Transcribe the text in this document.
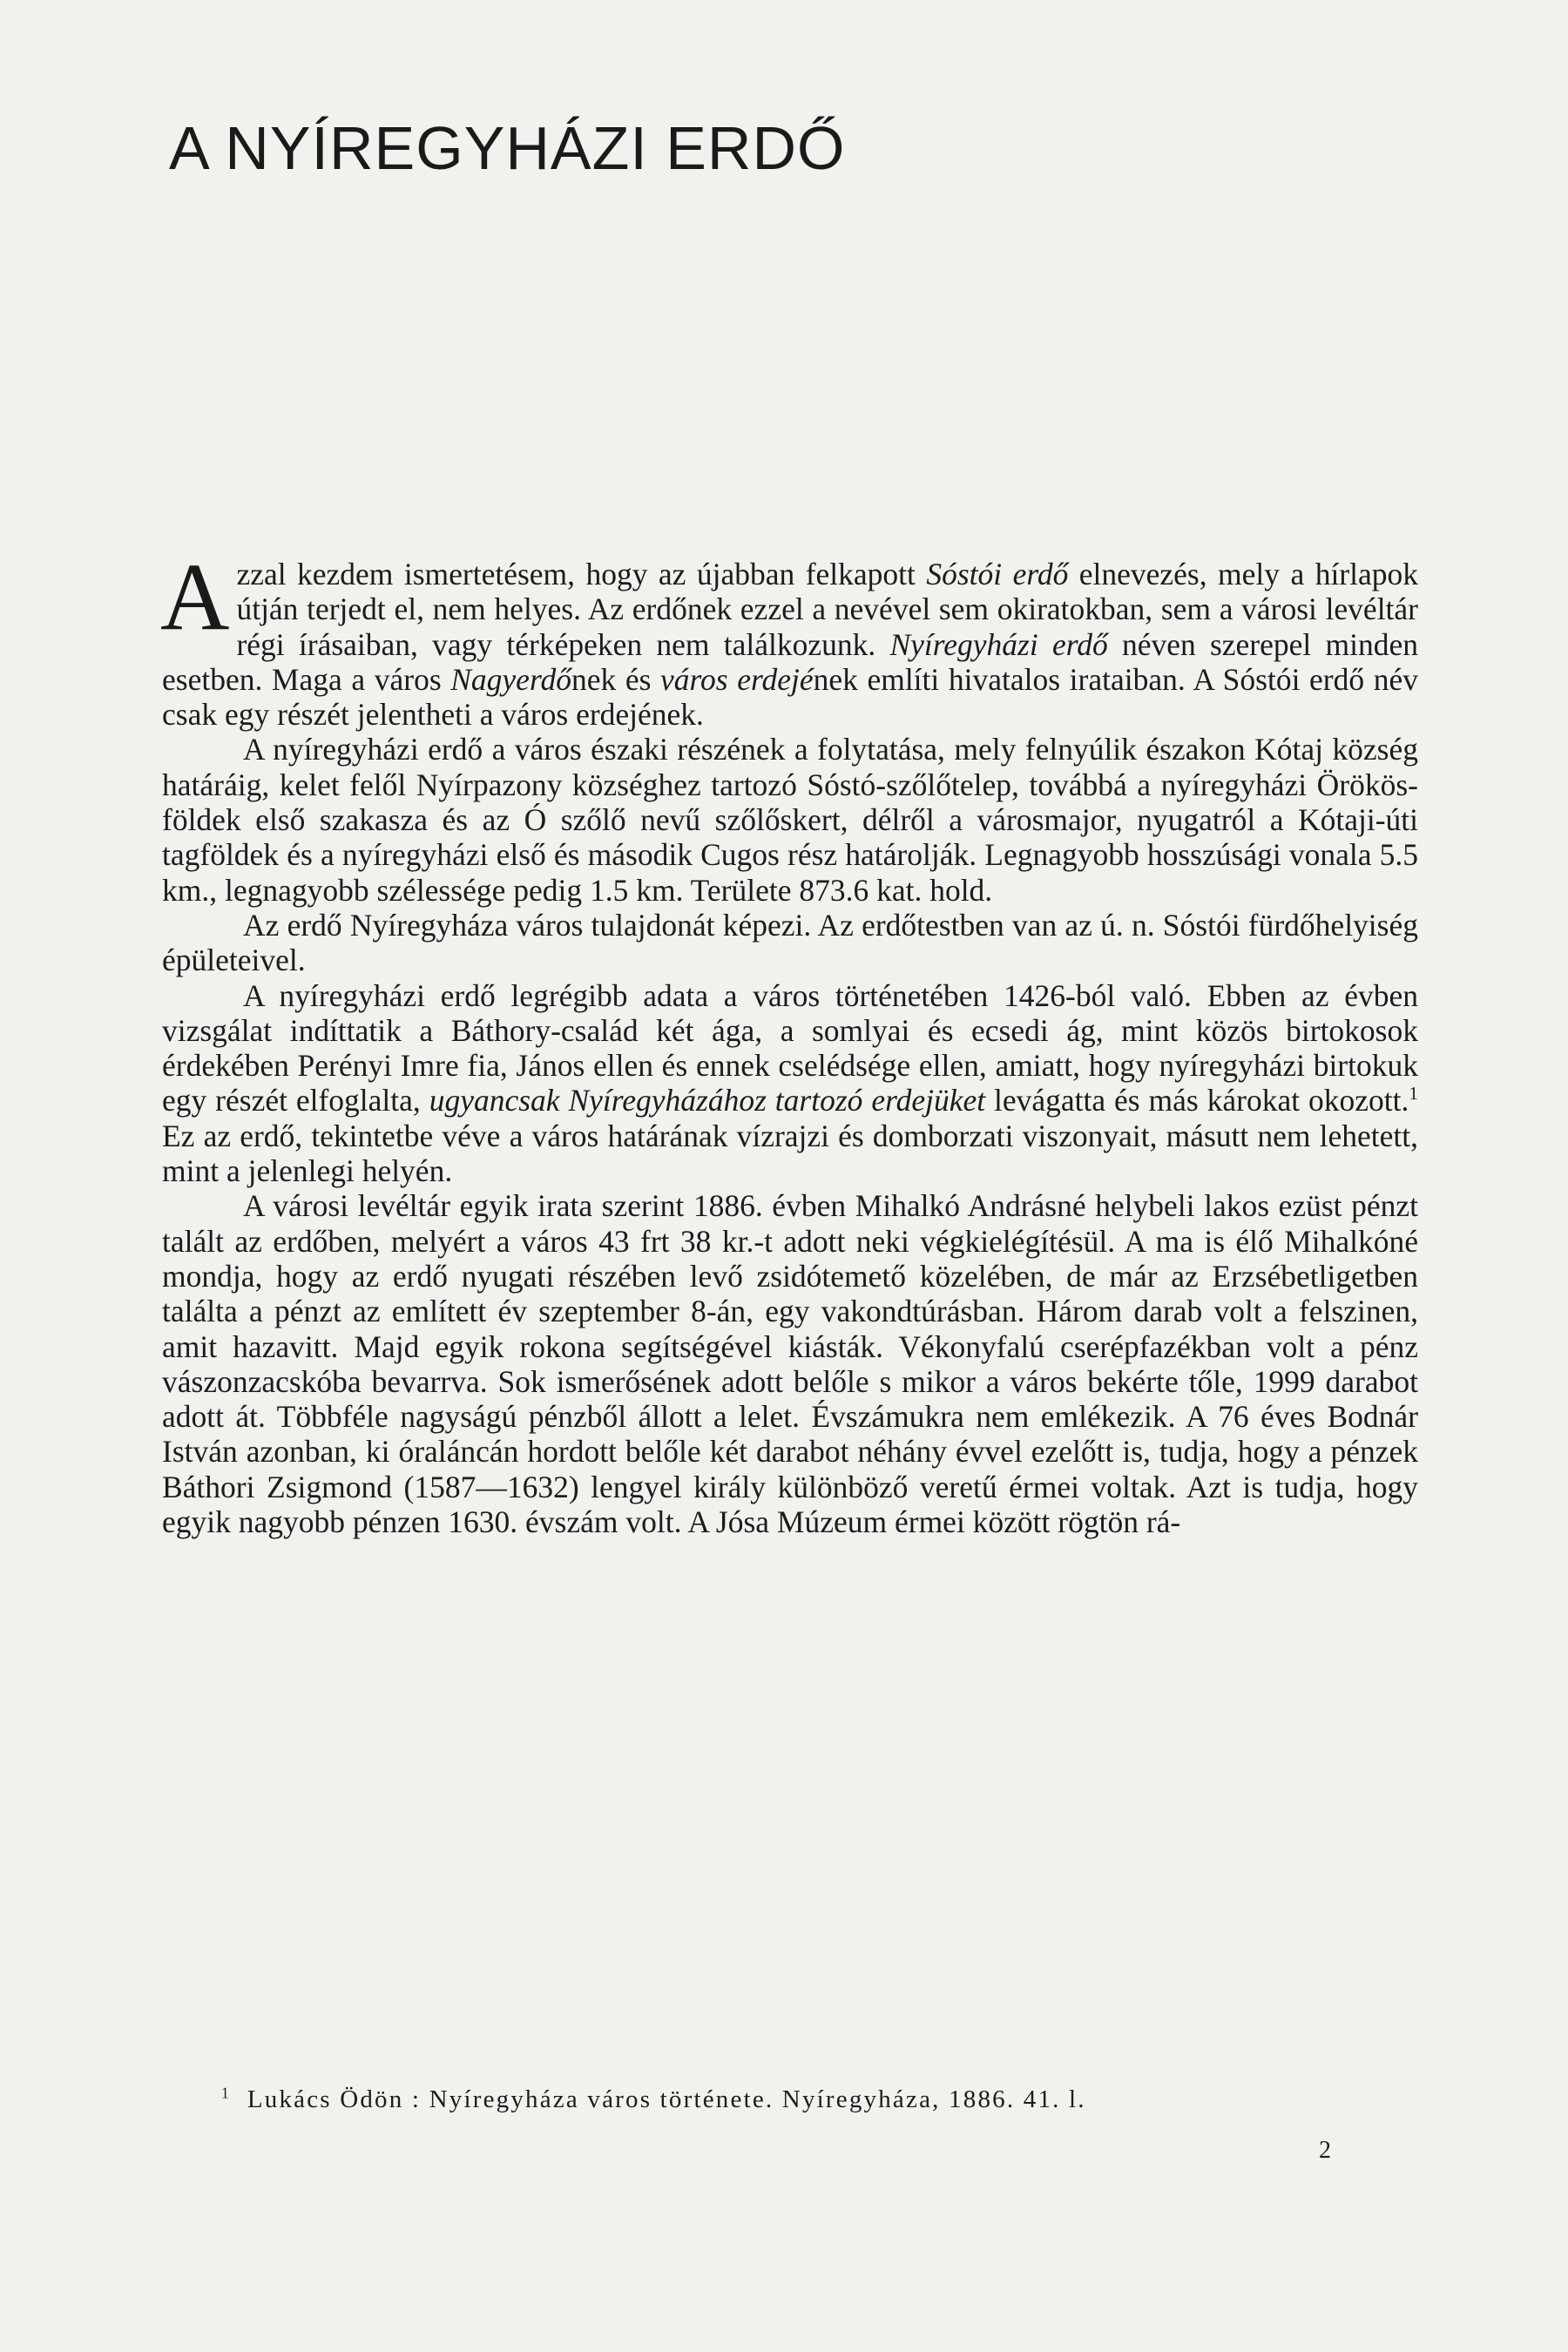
A NYÍREGYHÁZI ERDŐ

Azzal kezdem ismertetésem, hogy az újabban felkapott Sóstói erdő elnevezés, mely a hírlapok útján terjedt el, nem helyes. Az erdőnek ezzel a nevével sem okiratokban, sem a városi levéltár régi írásaiban, vagy térképeken nem találkozunk. Nyíregyházi erdő néven szerepel minden esetben. Maga a város Nagyerdőnek és város erdejének említi hivatalos irataiban. A Sóstói erdő név csak egy részét jelentheti a város erdejének.

A nyíregyházi erdő a város északi részének a folytatása, mely felnyúlik északon Kótaj község határáig, kelet felől Nyírpazony községhez tartozó Sóstó-szőlőtelep, továbbá a nyíregyházi Örökös-földek első szakasza és az Ó szőlő nevű szőlőskert, délről a városmajor, nyugatról a Kótaji-úti tagföldek és a nyíregyházi első és második Cugos rész határolják. Legnagyobb hosszúsági vonala 5.5 km., legnagyobb szélessége pedig 1.5 km. Területe 873.6 kat. hold.

Az erdő Nyíregyháza város tulajdonát képezi. Az erdőtestben van az ú. n. Sóstói fürdőhelyiség épületeivel.

A nyíregyházi erdő legrégibb adata a város történetében 1426-ból való. Ebben az évben vizsgálat indíttatik a Báthory-család két ága, a somlyai és ecsedi ág, mint közös birtokosok érdekében Perényi Imre fia, János ellen és ennek cselédsége ellen, amiatt, hogy nyíregyházi birtokuk egy részét elfoglalta, ugyancsak Nyíregyházához tartozó erdejüket levágatta és más károkat okozott.$^1$ Ez az erdő, tekintetbe véve a város határának vízrajzi és domborzati viszonyait, másutt nem lehetett, mint a jelenlegi helyén.

A városi levéltár egyik irata szerint 1886. évben Mihalkó Andrásné helybeli lakos ezüst pénzt talált az erdőben, melyért a város 43 frt 38 kr.-t adott neki végkielégítésül. A ma is élő Mihalkóné mondja, hogy az erdő nyugati részében levő zsidótemető közelében, de már az Erzsébetligetben találta a pénzt az említett év szeptember 8-án, egy vakondtúrásban. Három darab volt a felszinen, amit hazavitt. Majd egyik rokona segítségével kiásták. Vékonyfalú cserépfazékban volt a pénz vászonzacskóba bevarrva. Sok ismerősének adott belőle s mikor a város bekérte tőle, 1999 darabot adott át. Többféle nagyságú pénzből állott a lelet. Évszámukra nem emlékezik. A 76 éves Bodnár István azonban, ki óraláncán hordott belőle két darabot néhány évvel ezelőtt is, tudja, hogy a pénzek Báthori Zsigmond (1587—1632) lengyel király különböző veretű érmei voltak. Azt is tudja, hogy egyik nagyobb pénzen 1630. évszám volt. A Jósa Múzeum érmei között rögtön rá-

$^1$ Lukács Ödön : Nyíregyháza város története. Nyíregyháza, 1886. 41. l.

2
